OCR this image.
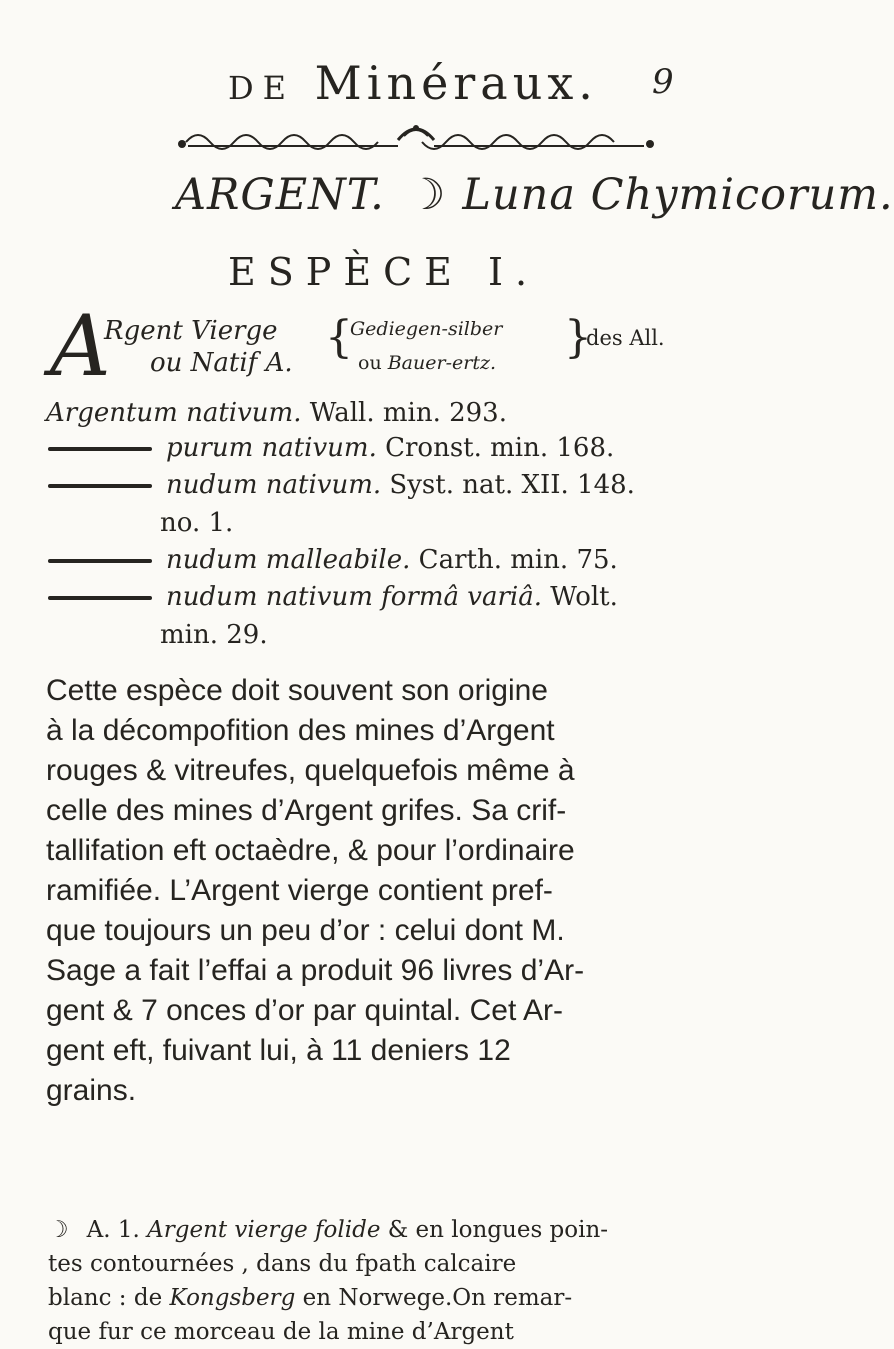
DE Minéraux. 9
ARGENT. ☽ Luna Chymicorum.
ESPÈCE I.
A
Rgent Vierge
ou Natif A. {
Gediegen-silber
ou Bauer-ertz. }
des All.
Argentum nativum. Wall. min. 293.
purum nativum. Cronst. min. 168.
nudum nativum. Syst. nat. XII. 148.
no. 1.
nudum malleabile. Carth. min. 75.
nudum nativum formâ variâ. Wolt.
min. 29.
Cette espèce doit souvent son origine
à la décompofition des mines d’Argent
rouges & vitreufes, quelquefois même à
celle des mines d’Argent grifes. Sa crif-
tallifation eft octaèdre, & pour l’ordinaire
ramifiée. L’Argent vierge contient pref-
que toujours un peu d’or : celui dont M.
Sage a fait l’effai a produit 96 livres d’Ar-
gent & 7 onces d’or par quintal. Cet Ar-
gent eft, fuivant lui, à 11 deniers 12
grains.
☽ A. 1. Argent vierge folide & en longues poin-
tes contournées , dans du fpath calcaire
blanc : de Kongsberg en Norwege.On remar-
que fur ce morceau de la mine d’Argent
